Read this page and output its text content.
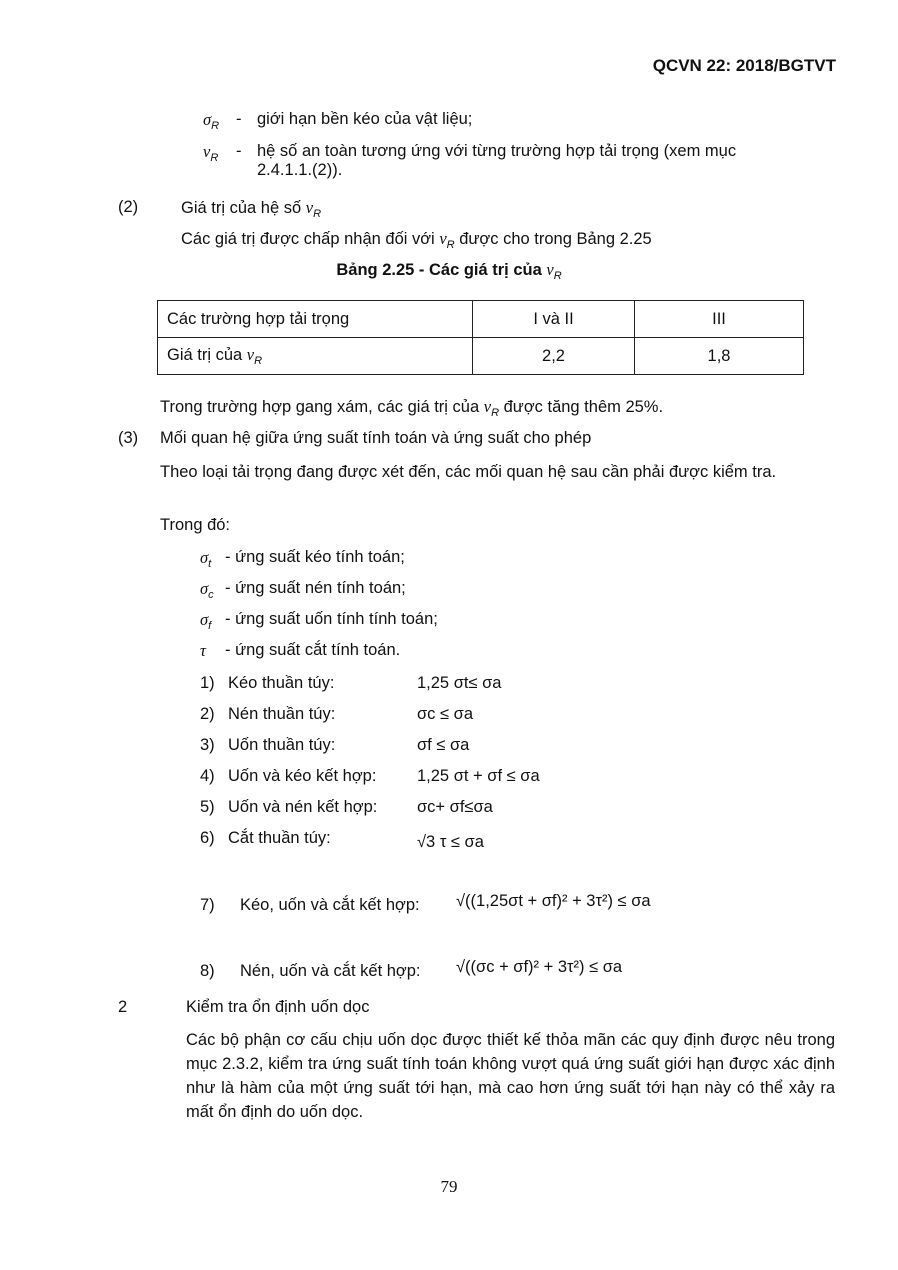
QCVN 22: 2018/BGTVT
$\sigma_R$ - giới hạn bền kéo của vật liệu;
$\nu_R$ - hệ số an toàn tương ứng với từng trường hợp tải trọng (xem mục
2.4.1.1.(2)).
(2)	Giá trị của hệ số $\nu_R$
Các giá trị được chấp nhận đối với $\nu_R$ được cho trong Bảng 2.25
Bảng 2.25 - Các giá trị của $\nu_R$
Các trường hợp tải trọng	I và II	III
Giá trị của $\nu_R$	2,2	1,8
Trong trường hợp gang xám, các giá trị của $\nu_R$ được tăng thêm 25%.
(3) Mối quan hệ giữa ứng suất tính toán và ứng suất cho phép
Theo loại tải trọng đang được xét đến, các mối quan hệ sau cần phải được kiểm tra.
Trong đó:
$\sigma_t$ - ứng suất kéo tính toán;
$\sigma_c$ - ứng suất nén tính toán;
$\sigma_f$ - ứng suất uốn tính tính toán;
τ - ứng suất cắt tính toán.
1) Kéo thuần túy:	1,25 σt≤ σa
2) Nén thuần túy:	σc ≤ σa
3) Uốn thuần túy:	σf ≤ σa
4) Uốn và kéo kết hợp: 1,25 σt + σf ≤ σa
5) Uốn và nén kết hợp: σc+ σf≤σa
6) Cắt thuần túy:	√3 τ ≤ σa
7) Kéo, uốn và cắt kết hợp: √((1,25σt + σf)² + 3τ²) ≤ σa
8) Nén, uốn và cắt kết hợp: √((σc + σf)² + 3τ²) ≤ σa
2	Kiểm tra ổn định uốn dọc
Các bộ phận cơ cấu chịu uốn dọc được thiết kế thỏa mãn các quy định được nêu trong mục 2.3.2, kiểm tra ứng suất tính toán không vượt quá ứng suất giới hạn được xác định như là hàm của một ứng suất tới hạn, mà cao hơn ứng suất tới hạn này có thể xảy ra mất ổn định do uốn dọc.
79
